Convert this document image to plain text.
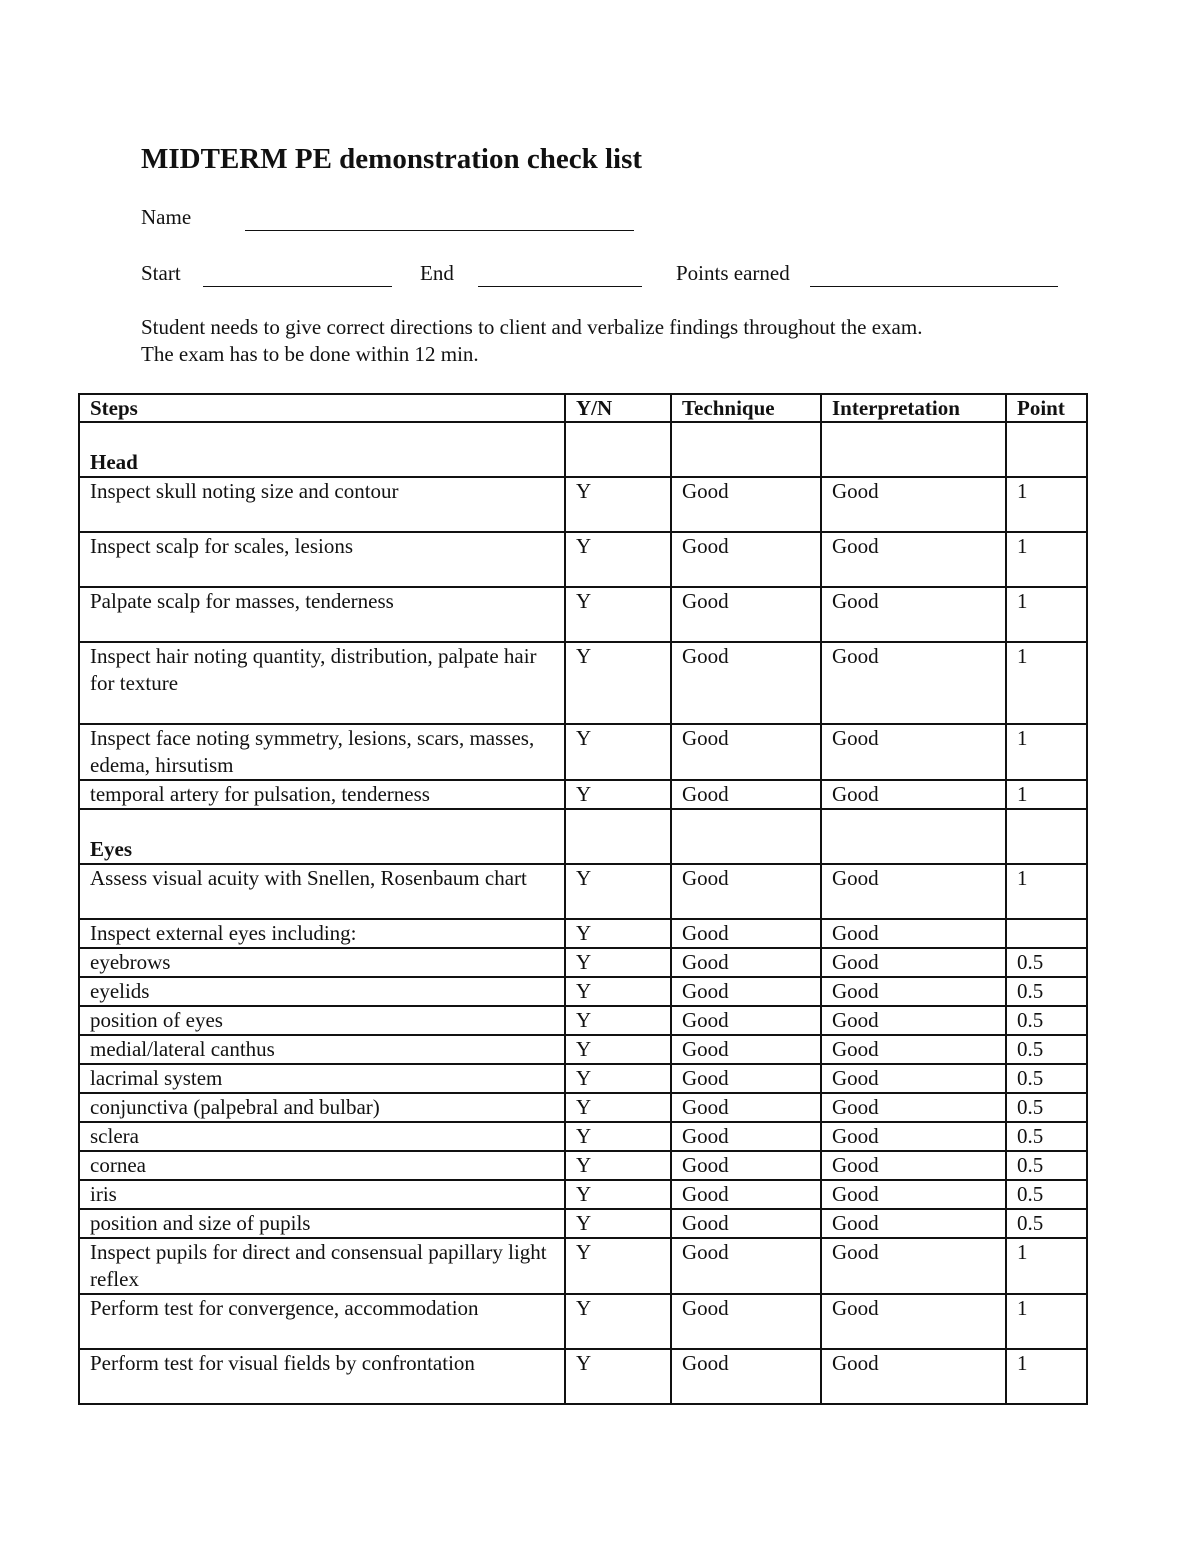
MIDTERM PE demonstration check list
Name
Start	End	Points earned
Student needs to give correct directions to client and verbalize findings throughout the exam.
The exam has to be done within 12 min.
Steps	Y/N	Technique	Interpretation	Point
Head				
Inspect skull noting size and contour	Y	Good	Good	1
Inspect scalp for scales, lesions	Y	Good	Good	1
Palpate scalp for masses, tenderness	Y	Good	Good	1
Inspect hair noting quantity, distribution, palpate hair for texture	Y	Good	Good	1
Inspect face noting symmetry, lesions, scars, masses, edema, hirsutism	Y	Good	Good	1
temporal artery for pulsation, tenderness	Y	Good	Good	1
Eyes				
Assess visual acuity with Snellen, Rosenbaum chart	Y	Good	Good	1
Inspect external eyes including:	Y	Good	Good	
eyebrows	Y	Good	Good	0.5
eyelids	Y	Good	Good	0.5
position of eyes	Y	Good	Good	0.5
medial/lateral canthus	Y	Good	Good	0.5
lacrimal system	Y	Good	Good	0.5
conjunctiva (palpebral and bulbar)	Y	Good	Good	0.5
sclera	Y	Good	Good	0.5
cornea	Y	Good	Good	0.5
iris	Y	Good	Good	0.5
position and size of pupils	Y	Good	Good	0.5
Inspect pupils for direct and consensual papillary light reflex	Y	Good	Good	1
Perform test for convergence, accommodation	Y	Good	Good	1
Perform test for visual fields by confrontation	Y	Good	Good	1
